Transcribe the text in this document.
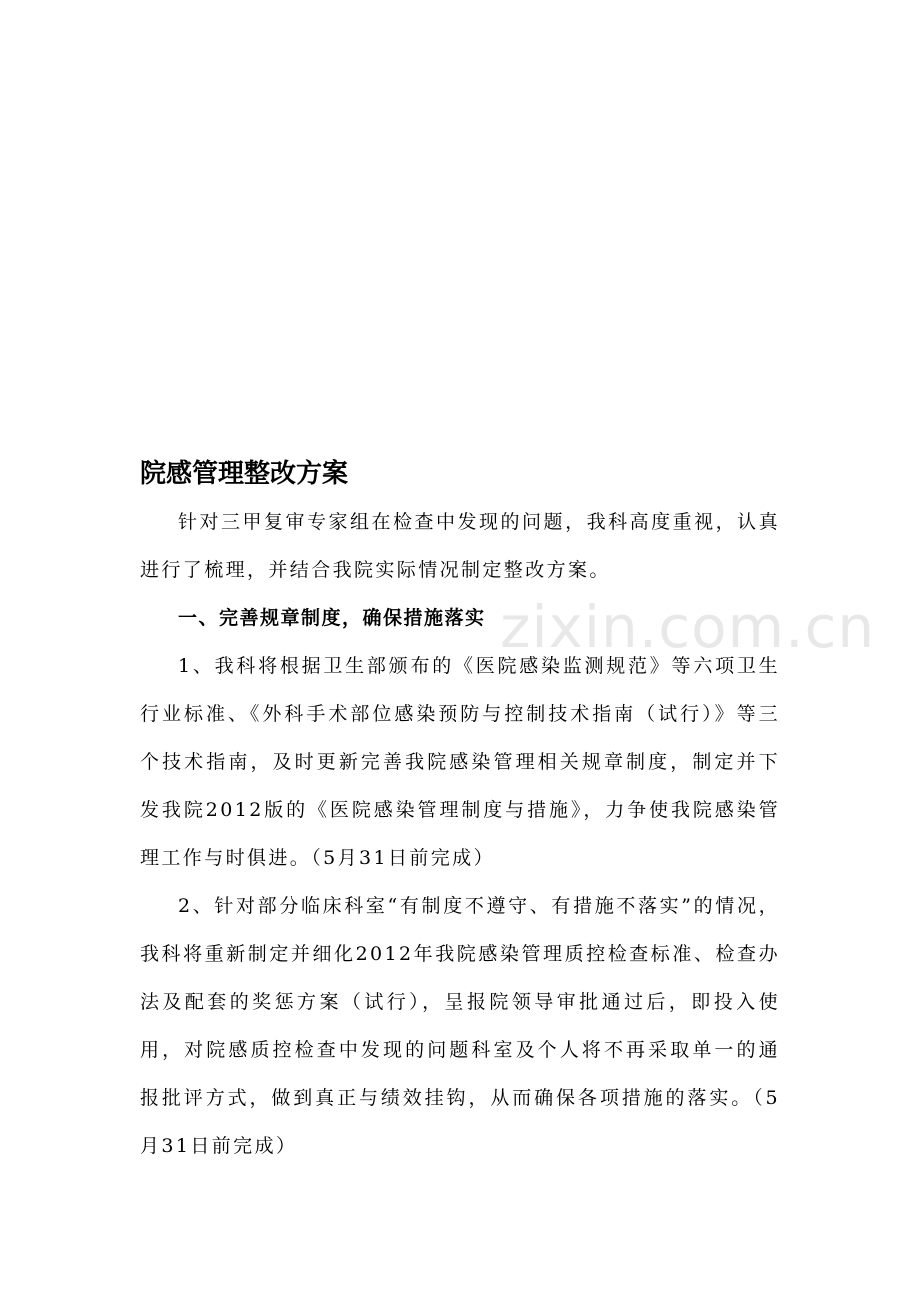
zixin.com.cn
院感管理整改方案

针对三甲复审专家组在检查中发现的问题，我科高度重视，认真进行了梳理，并结合我院实际情况制定整改方案。

一、完善规章制度，确保措施落实

1、我科将根据卫生部颁布的《医院感染监测规范》等六项卫生行业标准、《外科手术部位感染预防与控制技术指南（试行）》等三个技术指南，及时更新完善我院感染管理相关规章制度，制定并下发我院2012版的《医院感染管理制度与措施》，力争使我院感染管理工作与时俱进。（5月31日前完成）

2、针对部分临床科室“有制度不遵守、有措施不落实”的情况，我科将重新制定并细化2012年我院感染管理质控检查标准、检查办法及配套的奖惩方案（试行），呈报院领导审批通过后，即投入使用，对院感质控检查中发现的问题科室及个人将不再采取单一的通报批评方式，做到真正与绩效挂钩，从而确保各项措施的落实。（5月31日前完成）
